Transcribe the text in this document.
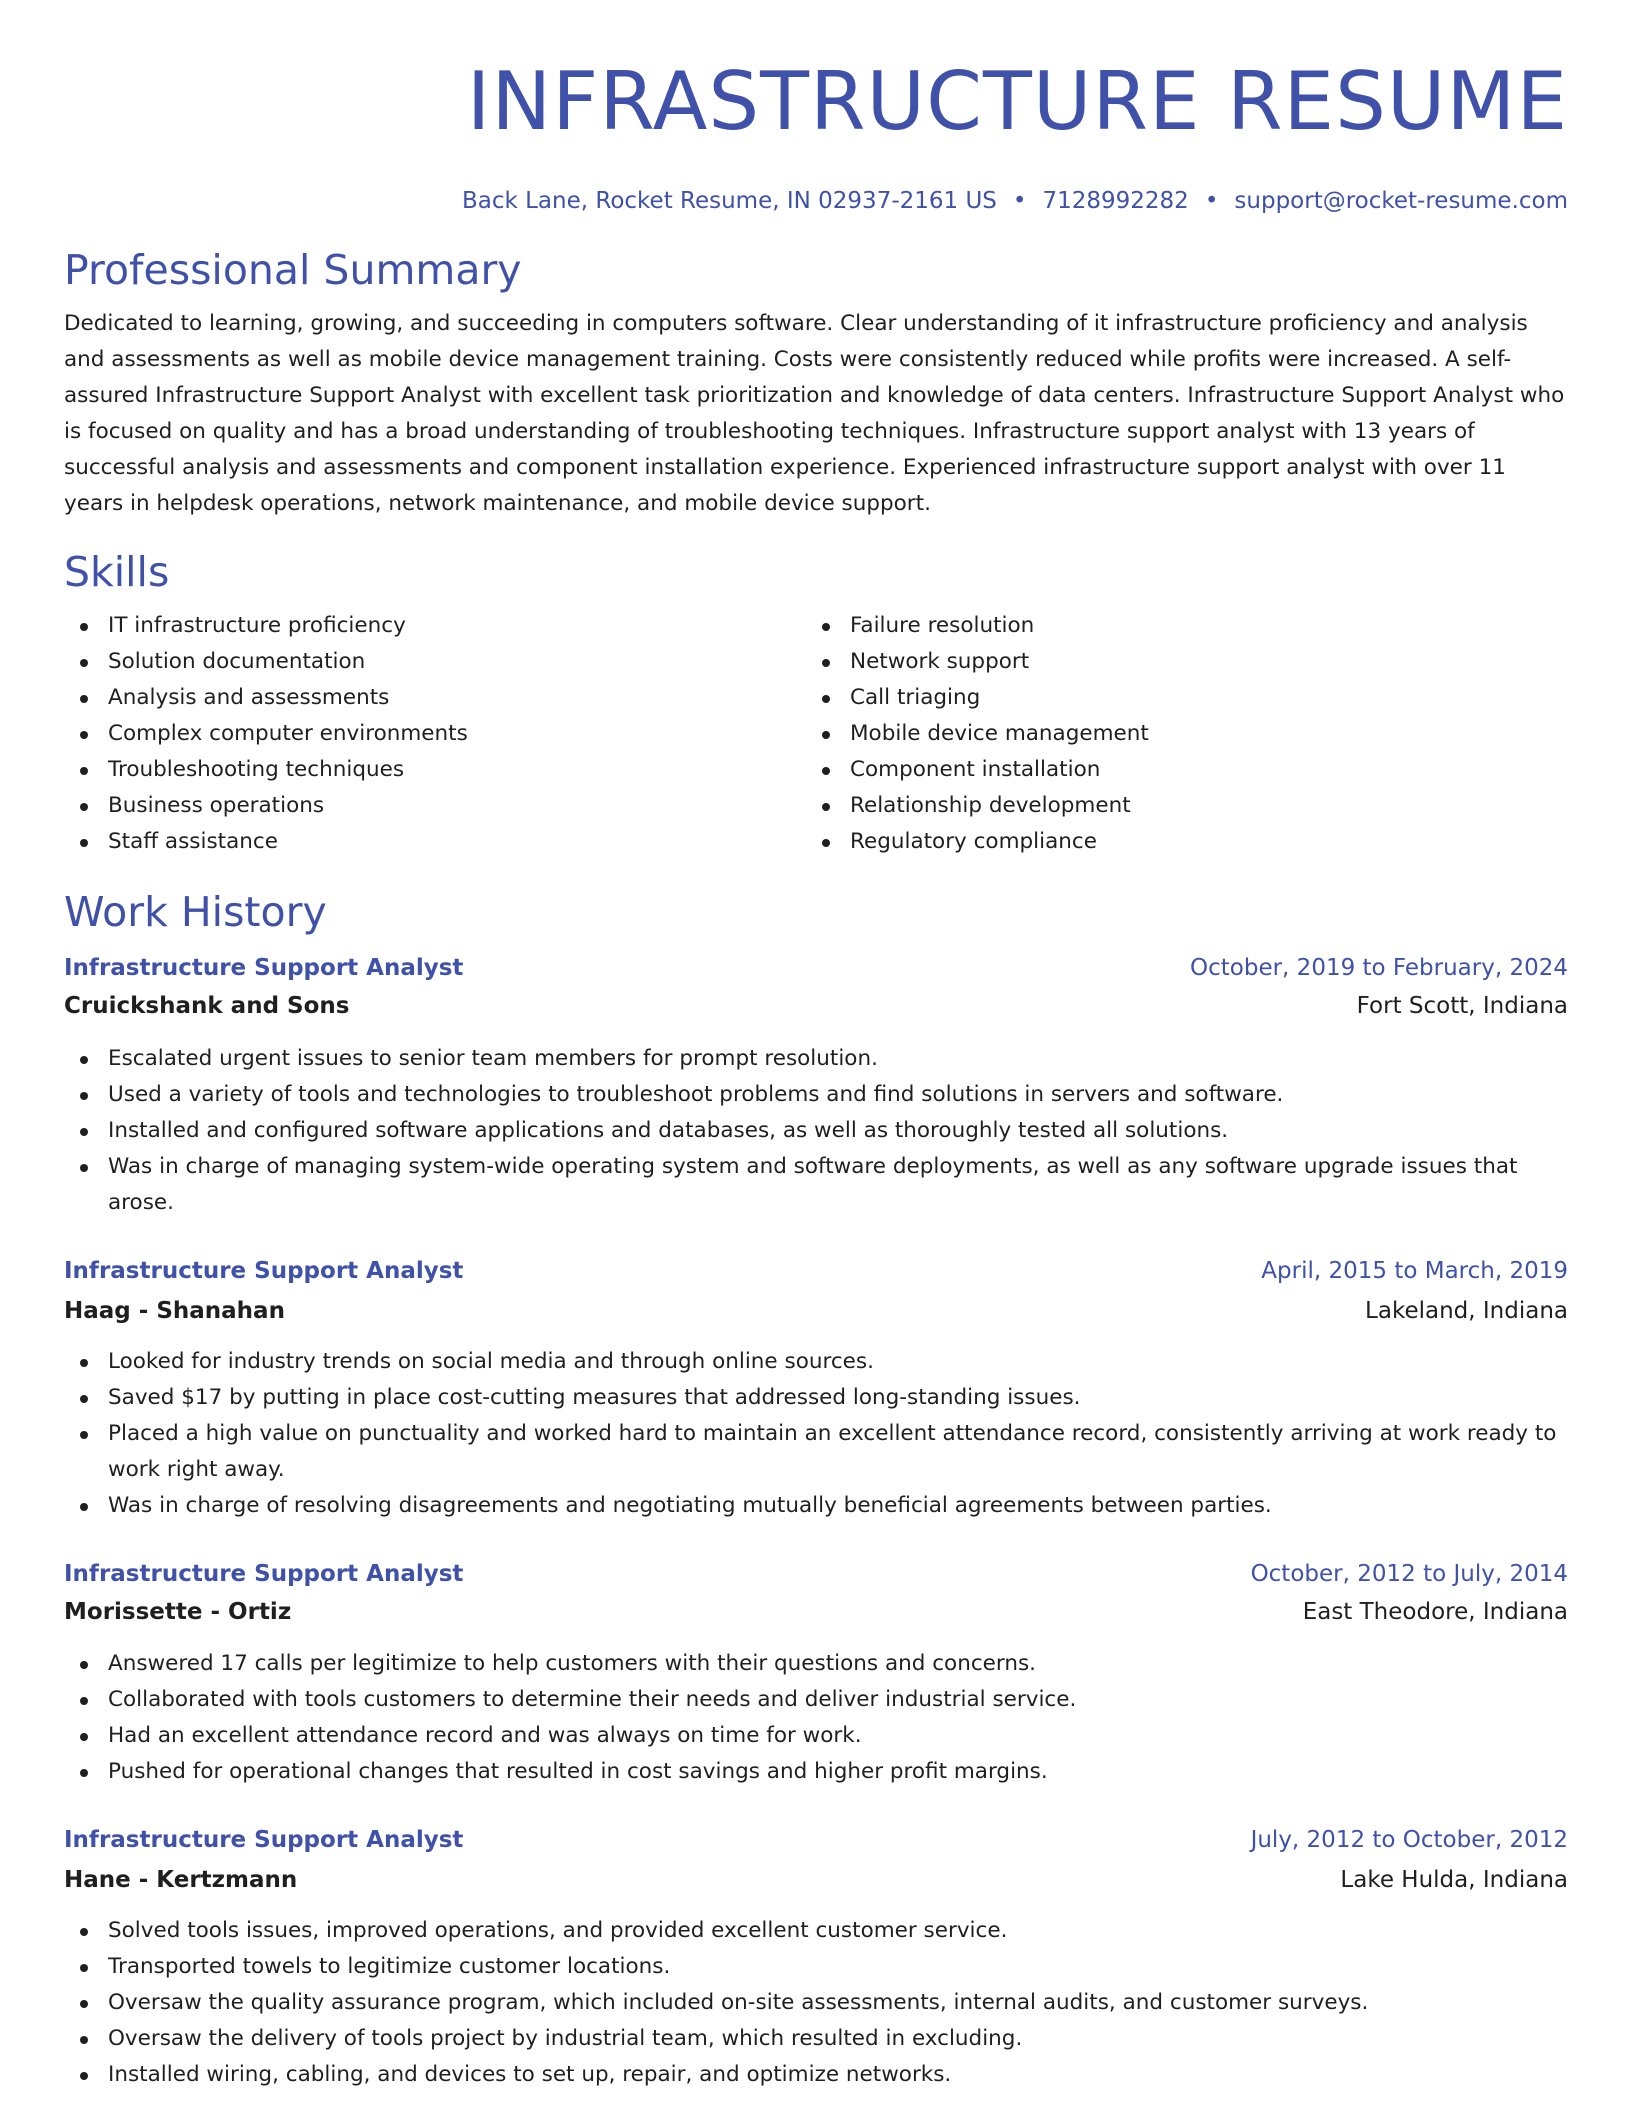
INFRASTRUCTURE RESUME
Back Lane, Rocket Resume, IN 02937-2161 US • 7128992282 • support@rocket-resume.com
Professional Summary

Dedicated to learning, growing, and succeeding in computers software. Clear understanding of it infrastructure proficiency and analysis and assessments as well as mobile device management training. Costs were consistently reduced while profits were increased. A self-assured Infrastructure Support Analyst with excellent task prioritization and knowledge of data centers. Infrastructure Support Analyst who is focused on quality and has a broad understanding of troubleshooting techniques. Infrastructure support analyst with 13 years of successful analysis and assessments and component installation experience. Experienced infrastructure support analyst with over 11 years in helpdesk operations, network maintenance, and mobile device support.

Skills
IT infrastructure proficiency
Solution documentation
Analysis and assessments
Complex computer environments
Troubleshooting techniques
Business operations
Staff assistance
Failure resolution
Network support
Call triaging
Mobile device management
Component installation
Relationship development
Regulatory compliance
Work History
Infrastructure Support Analyst	October, 2019 to February, 2024
Cruickshank and Sons	Fort Scott, Indiana
Escalated urgent issues to senior team members for prompt resolution.
Used a variety of tools and technologies to troubleshoot problems and find solutions in servers and software.
Installed and configured software applications and databases, as well as thoroughly tested all solutions.
Was in charge of managing system-wide operating system and software deployments, as well as any software upgrade issues that arose.
Infrastructure Support Analyst	April, 2015 to March, 2019
Haag - Shanahan	Lakeland, Indiana
Looked for industry trends on social media and through online sources.
Saved $17 by putting in place cost-cutting measures that addressed long-standing issues.
Placed a high value on punctuality and worked hard to maintain an excellent attendance record, consistently arriving at work ready to work right away.
Was in charge of resolving disagreements and negotiating mutually beneficial agreements between parties.
Infrastructure Support Analyst	October, 2012 to July, 2014
Morissette - Ortiz	East Theodore, Indiana
Answered 17 calls per legitimize to help customers with their questions and concerns.
Collaborated with tools customers to determine their needs and deliver industrial service.
Had an excellent attendance record and was always on time for work.
Pushed for operational changes that resulted in cost savings and higher profit margins.
Infrastructure Support Analyst	July, 2012 to October, 2012
Hane - Kertzmann	Lake Hulda, Indiana
Solved tools issues, improved operations, and provided excellent customer service.
Transported towels to legitimize customer locations.
Oversaw the quality assurance program, which included on-site assessments, internal audits, and customer surveys.
Oversaw the delivery of tools project by industrial team, which resulted in excluding.
Installed wiring, cabling, and devices to set up, repair, and optimize networks.
